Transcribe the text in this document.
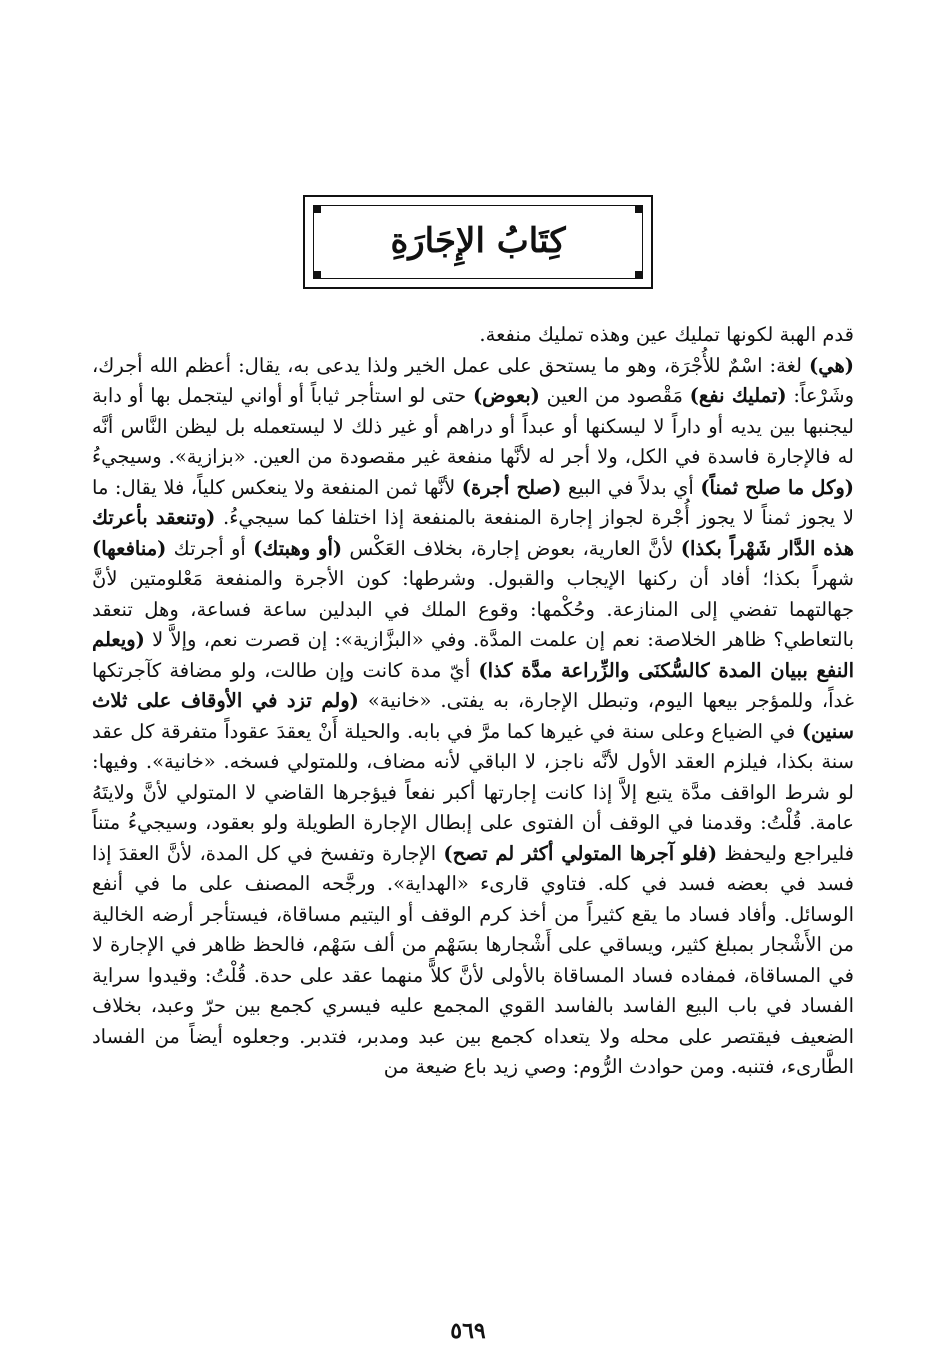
كِتَابُ الإِجَارَةِ

قدم الهبة لكونها تمليك عين وهذه تمليك منفعة.

(هي) لغة: اسْمٌ للأُجْرَة، وهو ما يستحق على عمل الخير ولذا يدعى به، يقال: أعظم الله أجرك، وشَرْعاً: (تمليك نفع) مَقْصود من العين (بعوض) حتى لو استأجر ثياباً أو أواني ليتجمل بها أو دابة ليجنبها بين يديه أو داراً لا ليسكنها أو عبداً أو دراهم أو غير ذلك لا ليستعمله بل ليظن النَّاس أنَّه له فالإجارة فاسدة في الكل، ولا أجر له لأنَّها منفعة غير مقصودة من العين. «بزازية». وسيجيءُ (وكل ما صلح ثمناً) أي بدلاً في البيع (صلح أجرة) لأنَّها ثمن المنفعة ولا ينعكس كلياً، فلا يقال: ما لا يجوز ثمناً لا يجوز أُجْرة لجواز إجارة المنفعة بالمنفعة إذا اختلفا كما سيجيءُ. (وتنعقد بأعرتك هذه الدَّار شَهْراً بكذا) لأنَّ العارية، بعوض إجارة، بخلاف العَكْس (أو وهبتك) أو أجرتك (منافعها) شهراً بكذا؛ أفاد أن ركنها الإيجاب والقبول. وشرطها: كون الأجرة والمنفعة مَعْلومتين لأنَّ جهالتهما تفضي إلى المنازعة. وحُكْمها: وقوع الملك في البدلين ساعة فساعة، وهل تنعقد بالتعاطي؟ ظاهر الخلاصة: نعم إن علمت المدَّة. وفي «البزَّازية»: إن قصرت نعم، وإلاَّ لا (ويعلم النفع ببيان المدة كالسُّكنَى والزِّراعة مدَّة كذا) أيّ مدة كانت وإن طالت، ولو مضافة كآجرتكها غداً، وللمؤجر بيعها اليوم، وتبطل الإجارة، به يفتى. «خانية» (ولم تزد في الأوقاف على ثلاث سنين) في الضياع وعلى سنة في غيرها كما مرَّ في بابه. والحيلة أَنْ يعقدَ عقوداً متفرقة كل عقد سنة بكذا، فيلزم العقد الأول لأنَّه ناجز، لا الباقي لأنه مضاف، وللمتولي فسخه. «خانية». وفيها: لو شرط الواقف مدَّة يتبع إلاَّ إذا كانت إجارتها أكبر نفعاً فيؤجرها القاضي لا المتولي لأنَّ ولايتَهُ عامة. قُلْتُ: وقدمنا في الوقف أن الفتوى على إبطال الإجارة الطويلة ولو بعقود، وسيجيءُ متناً فليراجع وليحفظ (فلو آجرها المتولي أكثر لم تصح) الإجارة وتفسخ في كل المدة، لأنَّ العقدَ إذا فسد في بعضه فسد في كله. فتاوي قارىء «الهداية». ورجَّحه المصنف على ما في أنفع الوسائل. وأفاد فساد ما يقع كثيراً من أخذ كرم الوقف أو اليتيم مساقاة، فيستأجر أرضه الخالية من الأَشْجار بمبلغ كثير، ويساقي على أَشْجارها بسَهْم من ألف سَهْم، فالحظ ظاهر في الإجارة لا في المساقاة، فمفاده فساد المساقاة بالأولى لأنَّ كلاًّ منهما عقد على حدة. قُلْتُ: وقيدوا سراية الفساد في باب البيع الفاسد بالفاسد القوي المجمع عليه فيسري كجمع بين حرّ وعبد، بخلاف الضعيف فيقتصر على محله ولا يتعداه كجمع بين عبد ومدبر، فتدبر. وجعلوه أيضاً من الفساد الطَّارىء، فتنبه. ومن حوادث الرُّوم: وصي زيد باع ضيعة من

٥٦٩
